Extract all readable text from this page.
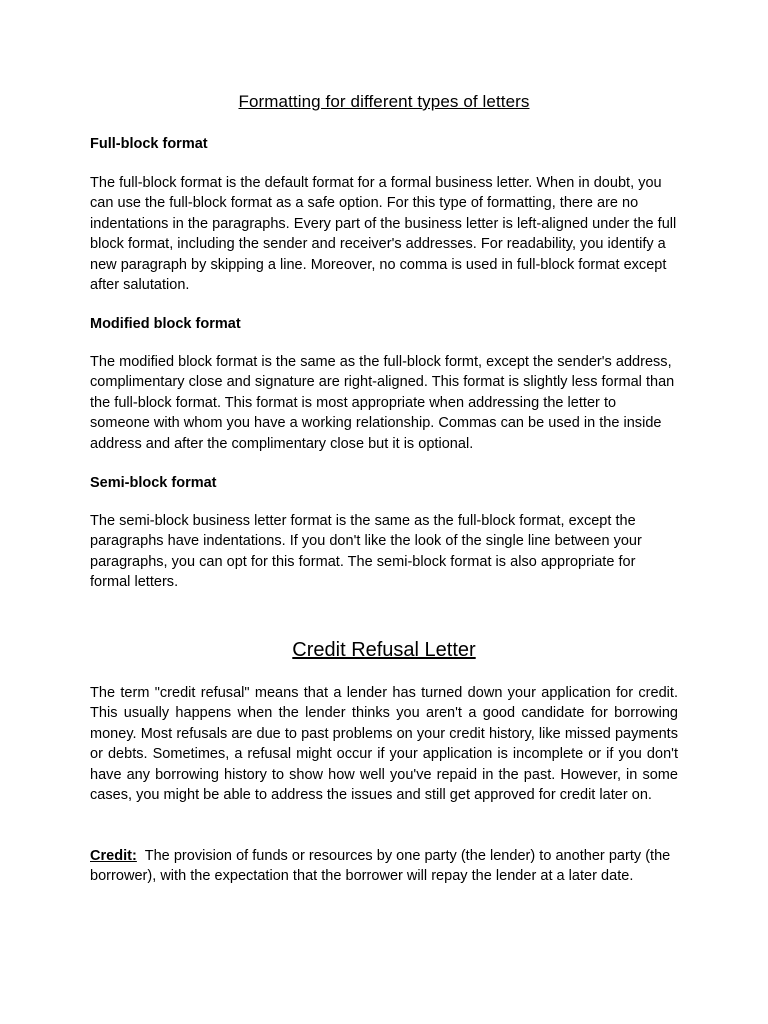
Formatting for different types of letters
Full-block format

The full-block format is the default format for a formal business letter. When in doubt, you can use the full-block format as a safe option. For this type of formatting, there are no indentations in the paragraphs. Every part of the business letter is left-aligned under the full block format, including the sender and receiver's addresses. For readability, you identify a new paragraph by skipping a line. Moreover, no comma is used in full-block format except after salutation.

Modified block format

The modified block format is the same as the full-block formt, except the sender's address, complimentary close and signature are right-aligned. This format is slightly less formal than the full-block format. This format is most appropriate when addressing the letter to someone with whom you have a working relationship. Commas can be used in the inside address and after the complimentary close but it is optional.

Semi-block format

The semi-block business letter format is the same as the full-block format, except the paragraphs have indentations. If you don't like the look of the single line between your paragraphs, you can opt for this format. The semi-block format is also appropriate for formal letters.

Credit Refusal Letter

The term "credit refusal" means that a lender has turned down your application for credit. This usually happens when the lender thinks you aren't a good candidate for borrowing money. Most refusals are due to past problems on your credit history, like missed payments or debts. Sometimes, a refusal might occur if your application is incomplete or if you don't have any borrowing history to show how well you've repaid in the past. However, in some cases, you might be able to address the issues and still get approved for credit later on.

Credit: The provision of funds or resources by one party (the lender) to another party (the borrower), with the expectation that the borrower will repay the lender at a later date.
